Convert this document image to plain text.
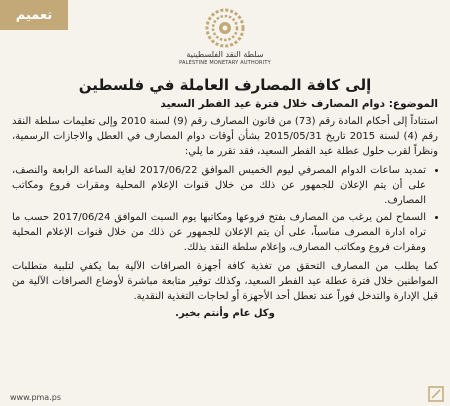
تعميم
سلطة النقد الفلسطينية
PALESTINE MONETARY AUTHORITY
إلى كافة المصارف العاملة في فلسطين
الموضوع: دوام المصارف خلال فترة عيد الفطر السعيد

استناداً إلى أحكام المادة رقم (73) من قانون المصارف رقم (9) لسنة 2010 وإلى تعليمات سلطة النقد رقم (4) لسنة 2015 تاريخ 2015/05/31 بشأن أوقات دوام المصارف في العطل والاجازات الرسمية، ونظراً لقرب حلول عطلة عيد الفطر السعيد، فقد تقرر ما يلي:

• تمديد ساعات الدوام المصرفي ليوم الخميس الموافق 2017/06/22 لغاية الساعة الرابعة والنصف، على أن يتم الإعلان للجمهور عن ذلك من خلال قنوات الإعلام المحلية ومقرات فروع ومكاتب المصارف.
• السماح لمن يرغب من المصارف بفتح فروعها ومكاتبها يوم السبت الموافق 2017/06/24 حسب ما تراه ادارة المصرف مناسباً، على أن يتم الإعلان للجمهور عن ذلك من خلال قنوات الإعلام المحلية ومقرات فروع ومكاتب المصارف، وإعلام سلطة النقد بذلك.

كما يطلب من المصارف التحقق من تغذية كافة أجهزة الصرافات الآلية بما يكفي لتلبية متطلبات المواطنين خلال فترة عطلة عيد الفطر السعيد، وكذلك توفير متابعة مباشرة لأوضاع الصرافات الآلية من قبل الإدارة والتدخل فوراً عند تعطل أحد الأجهزة أو لحاجات التغذية النقدية.

وكل عام وأنتم بخير.
www.pma.ps
